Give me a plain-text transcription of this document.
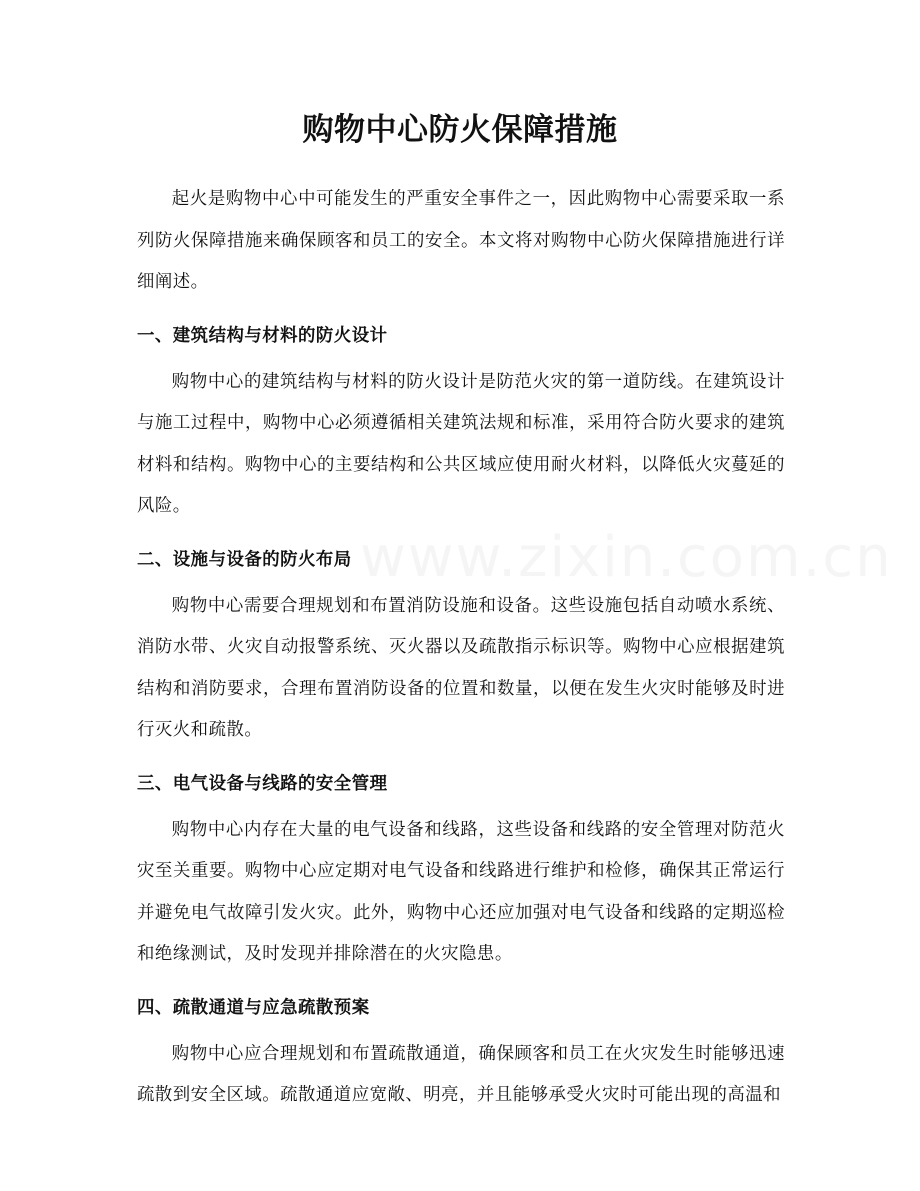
购物中心防火保障措施

起火是购物中心中可能发生的严重安全事件之一，因此购物中心需要采取一系列防火保障措施来确保顾客和员工的安全。本文将对购物中心防火保障措施进行详细阐述。

一、建筑结构与材料的防火设计

购物中心的建筑结构与材料的防火设计是防范火灾的第一道防线。在建筑设计与施工过程中，购物中心必须遵循相关建筑法规和标准，采用符合防火要求的建筑材料和结构。购物中心的主要结构和公共区域应使用耐火材料，以降低火灾蔓延的风险。

二、设施与设备的防火布局

购物中心需要合理规划和布置消防设施和设备。这些设施包括自动喷水系统、消防水带、火灾自动报警系统、灭火器以及疏散指示标识等。购物中心应根据建筑结构和消防要求，合理布置消防设备的位置和数量，以便在发生火灾时能够及时进行灭火和疏散。

三、电气设备与线路的安全管理

购物中心内存在大量的电气设备和线路，这些设备和线路的安全管理对防范火灾至关重要。购物中心应定期对电气设备和线路进行维护和检修，确保其正常运行并避免电气故障引发火灾。此外，购物中心还应加强对电气设备和线路的定期巡检和绝缘测试，及时发现并排除潜在的火灾隐患。

四、疏散通道与应急疏散预案

购物中心应合理规划和布置疏散通道，确保顾客和员工在火灾发生时能够迅速疏散到安全区域。疏散通道应宽敞、明亮，并且能够承受火灾时可能出现的高温和

www.zixin.com.cn
